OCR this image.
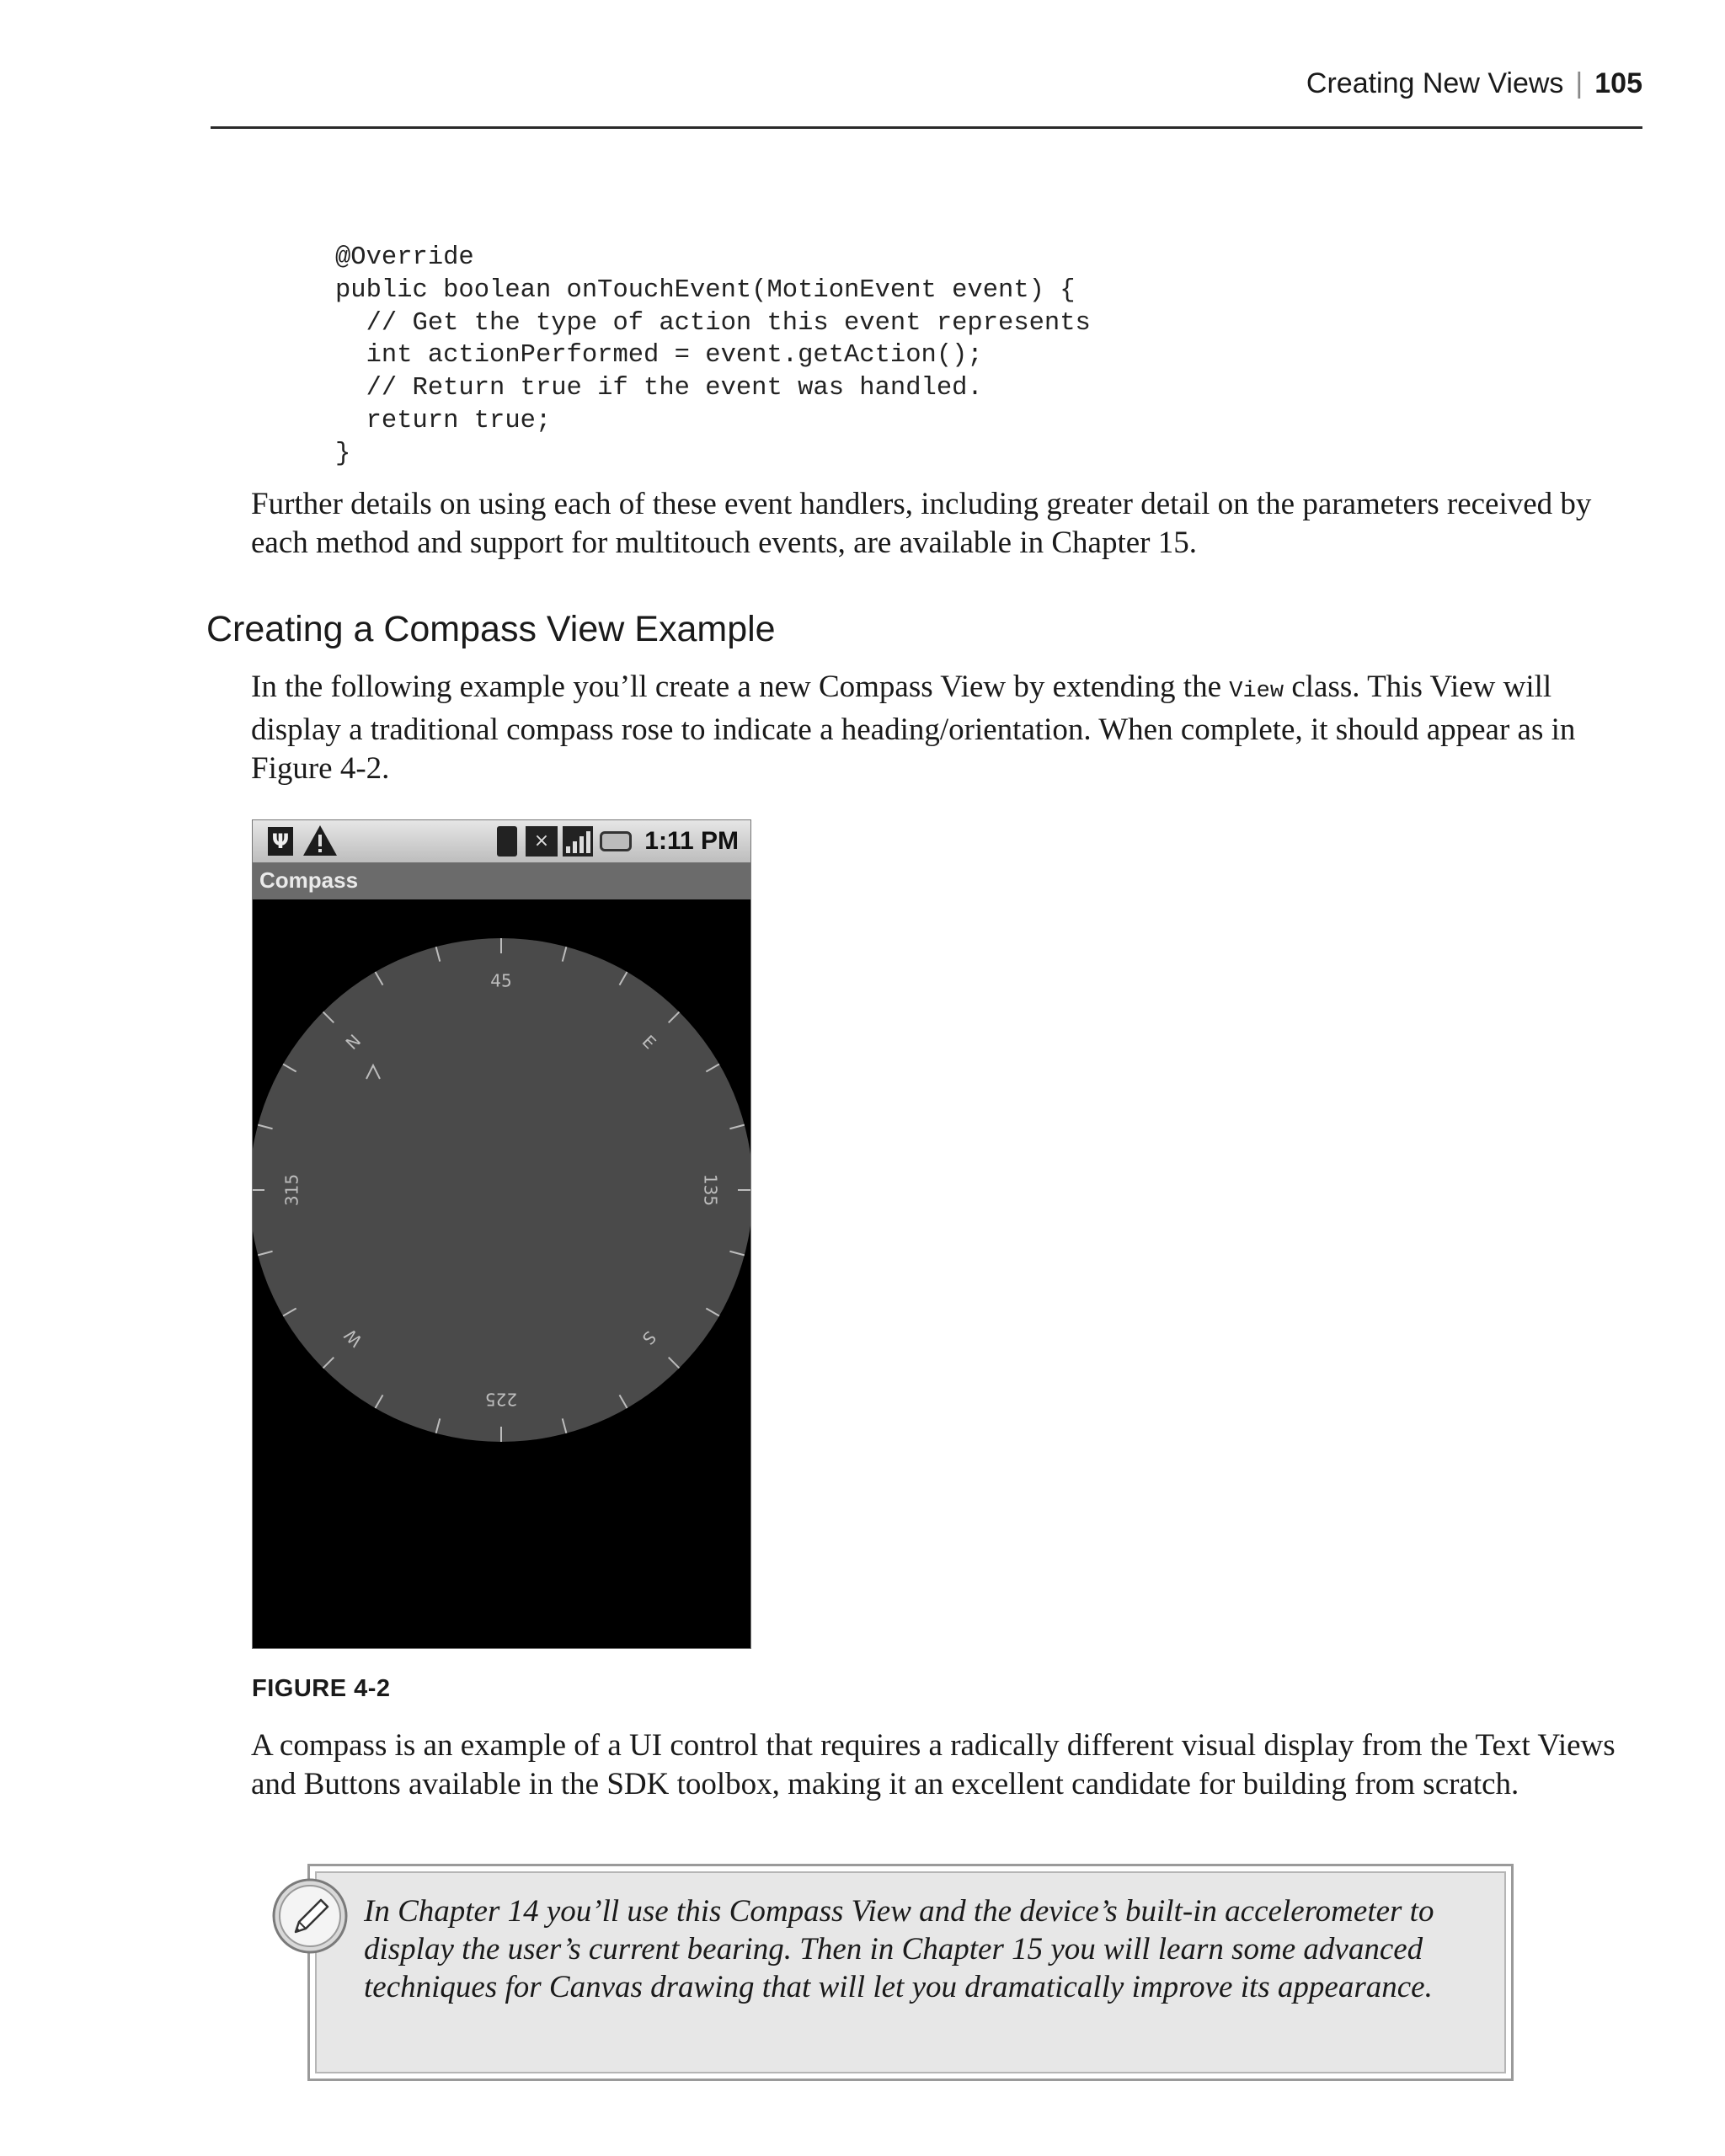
Creating New Views | 105
@Override
public boolean onTouchEvent(MotionEvent event) {
// Get the type of action this event represents
int actionPerformed = event.getAction();
// Return true if the event was handled.
return true;
}
Further details on using each of these event handlers, including greater detail on the parameters received by each method and support for multitouch events, are available in Chapter 15.
Creating a Compass View Example
In the following example you’ll create a new Compass View by extending the View class. This View will display a traditional compass rose to indicate a heading/orientation. When complete, it should appear as in Figure 4-2.
Ψ	×	1:11 PM
Compass
45
E
135
S
225
W
315
N
FIGURE 4-2
A compass is an example of a UI control that requires a radically different visual display from the Text Views and Buttons available in the SDK toolbox, making it an excellent candidate for building from scratch.
In Chapter 14 you’ll use this Compass View and the device’s built-in accelerometer to display the user’s current bearing. Then in Chapter 15 you will learn some advanced techniques for Canvas drawing that will let you dramatically improve its appearance.
